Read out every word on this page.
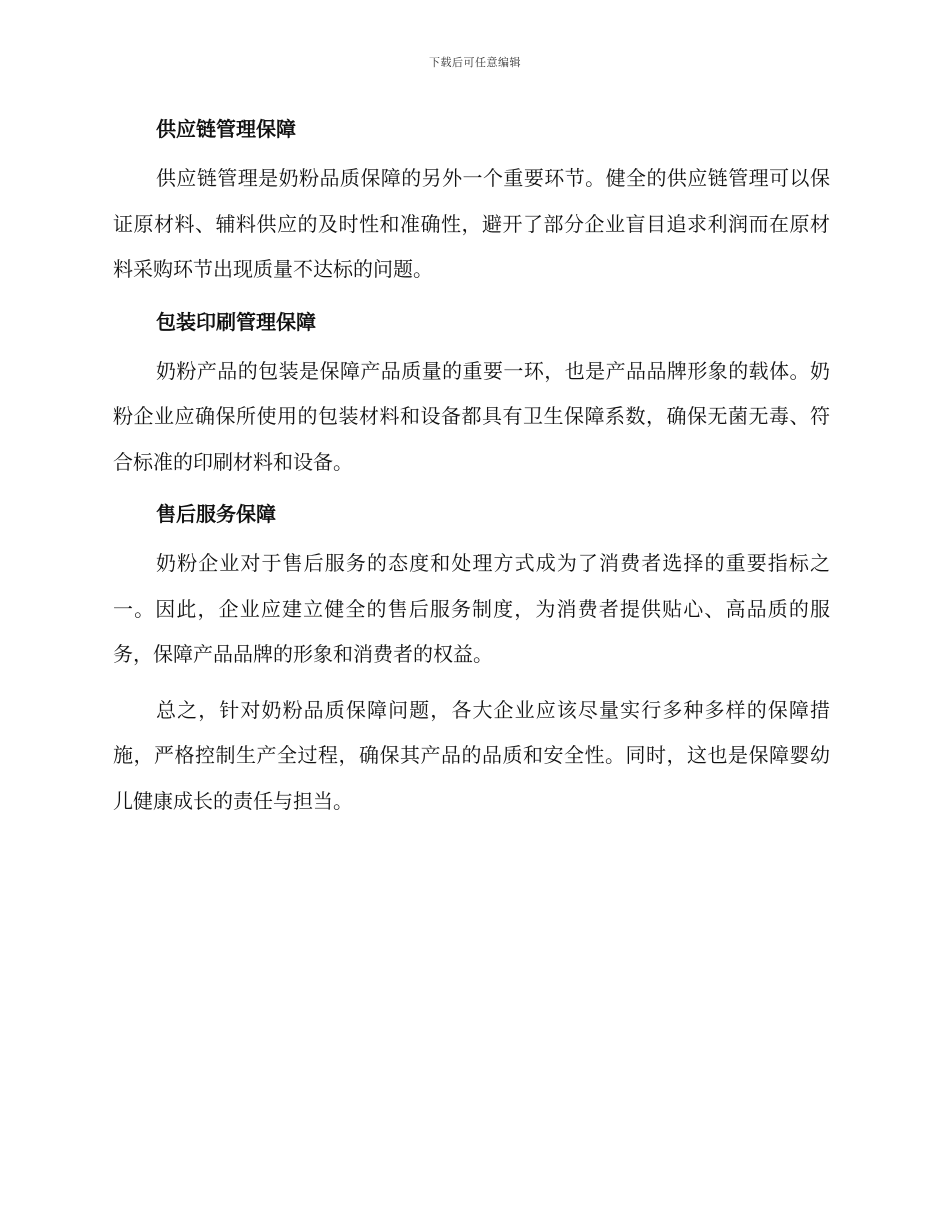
下载后可任意编辑
供应链管理保障

供应链管理是奶粉品质保障的另外一个重要环节。健全的供应链管理可以保证原材料、辅料供应的及时性和准确性，避开了部分企业盲目追求利润而在原材料采购环节出现质量不达标的问题。

包装印刷管理保障

奶粉产品的包装是保障产品质量的重要一环，也是产品品牌形象的载体。奶粉企业应确保所使用的包装材料和设备都具有卫生保障系数，确保无菌无毒、符合标准的印刷材料和设备。

售后服务保障

奶粉企业对于售后服务的态度和处理方式成为了消费者选择的重要指标之一。因此，企业应建立健全的售后服务制度，为消费者提供贴心、高品质的服务，保障产品品牌的形象和消费者的权益。

总之，针对奶粉品质保障问题，各大企业应该尽量实行多种多样的保障措施，严格控制生产全过程，确保其产品的品质和安全性。同时，这也是保障婴幼儿健康成长的责任与担当。
